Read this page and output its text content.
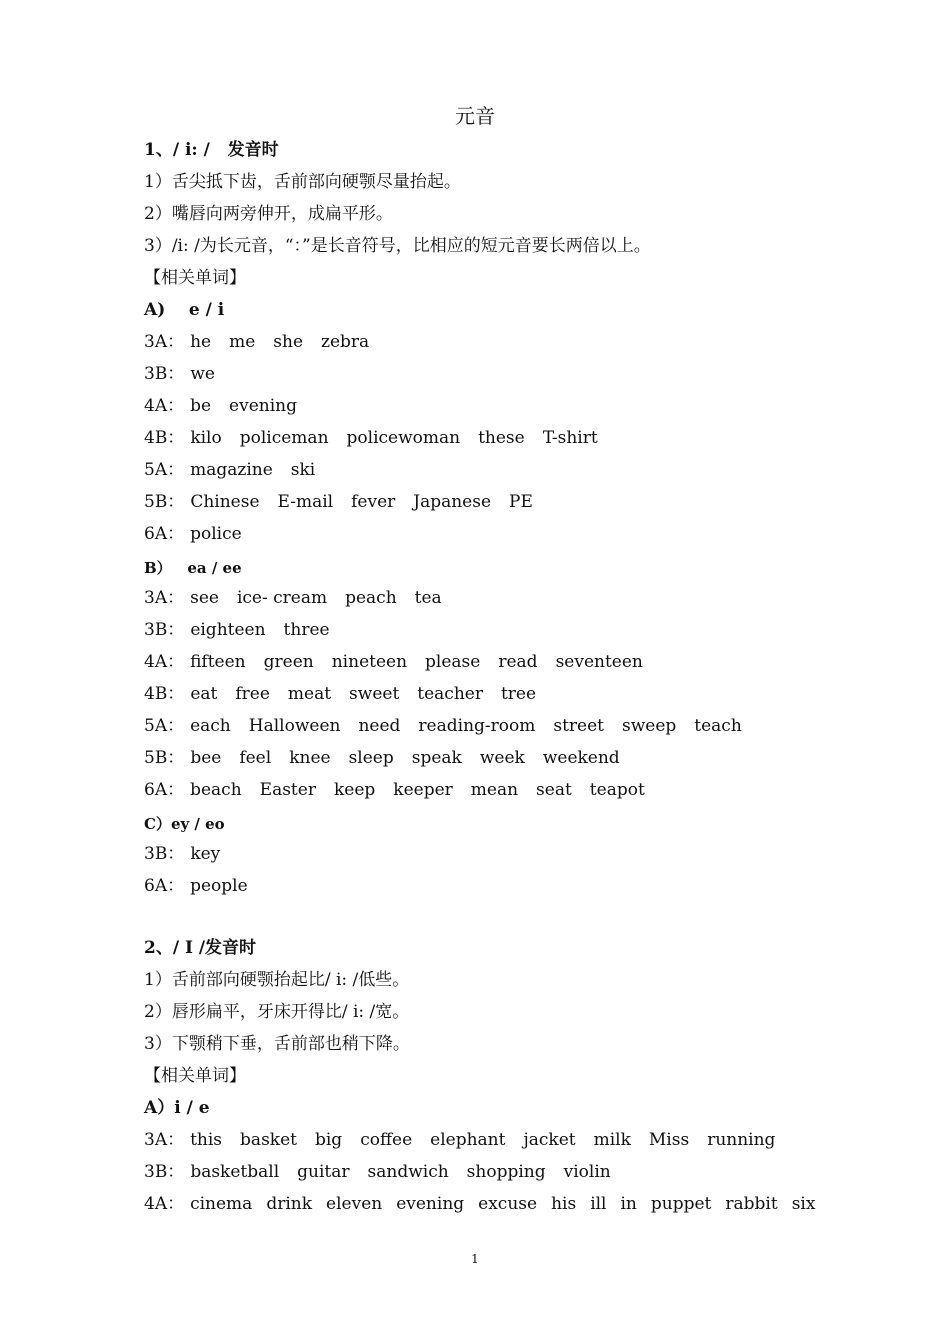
元音
1、/ i: /   发音时
1）舌尖抵下齿，舌前部向硬颚尽量抬起。
2）嘴唇向两旁伸开，成扁平形。
3）/i: /为长元音，“：”是长音符号，比相应的短元音要长两倍以上。
【相关单词】
A)    e / i
3A： he me she zebra
3B： we
4A： be evening
4B： kilo policeman policewoman these T-shirt
5A： magazine ski
5B： Chinese E-mail fever Japanese PE
6A： police
B）   ea / ee
3A： see ice- cream peach tea
3B： eighteen three
4A： fifteen green nineteen please read seventeen
4B： eat free meat sweet teacher tree
5A： each Halloween need reading-room street sweep teach
5B： bee feel knee sleep speak week weekend
6A： beach Easter keep keeper mean seat teapot
C）ey / eo
3B： key
6A： people
2、/ I /发音时
1）舌前部向硬颚抬起比/ i: /低些。
2）唇形扁平，牙床开得比/ i: /宽。
3）下颚稍下垂，舌前部也稍下降。
【相关单词】
A）i / e
3A： this basket big coffee elephant jacket milk Miss running
3B： basketball guitar sandwich shopping violin
4A： cinema drink eleven evening excuse his ill in puppet rabbit six
1
